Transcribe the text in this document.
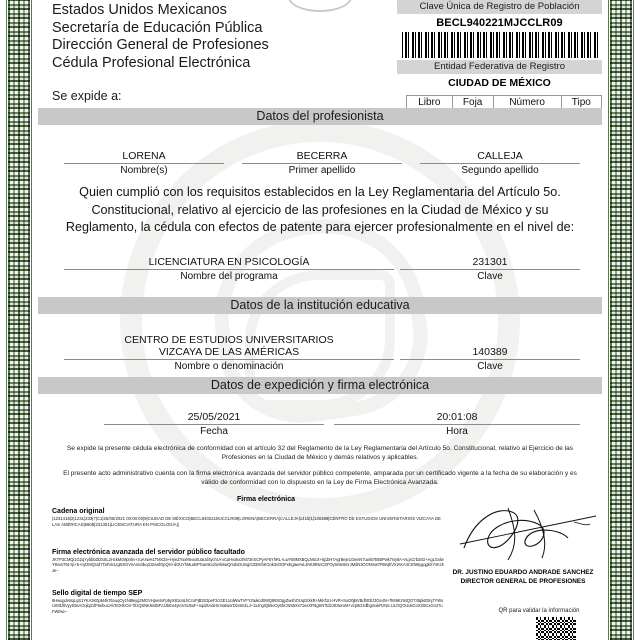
Estados Unidos Mexicanos
Secretaría de Educación Pública
Dirección General de Profesiones
Cédula Profesional Electrónica
Clave Única de Registro de Población
BECL940221MJCCLR09
Entidad Federativa de Registro
CIUDAD DE MÉXICO
Libro	Foja	Número	Tipo

Se expide a:
Datos del profesionista
LORENA
Nombre(s)
BECERRA
Primer apellido
CALLEJA
Segundo apellido
Quien cumplió con los requisitos establecidos en la Ley Reglamentaria del Artículo 5o. Constitucional, relativo al ejercicio de las profesiones en la Ciudad de México y su Reglamento, la cédula con efectos de patente para ejercer profesionalmente en el nivel de:
LICENCIATURA EN PSICOLOGÍA
Nombre del programa
231301
Clave
Datos de la institución educativa
CENTRO DE ESTUDIOS UNIVERSITARIOS
VIZCAYA DE LAS AMÉRICAS
Nombre o denominación
140389
Clave
Datos de expedición y firma electrónica
25/05/2021
Fecha
20:01:08
Hora
Se expide la presente cédula electrónica de conformidad con el artículo 32 del Reglamento de la Ley Reglamentaria del Artículo 5o. Constitucional, relativo al Ejercicio de las Profesiones en la Ciudad de México y demás relativos y aplicables.
El presente acto administrativo cuenta con la firma electrónica avanzada del servidor público competente, amparada por un certificado vigente a la fecha de su elaboración y es válido de conformidad con lo dispuesto en la Ley de Firma Electrónica Avanzada.
Firma electrónica
Cadena original
|1231418|2|1231|233|7|C1|25/05/2021 00:00:00|9|CIUDAD DE MÉXICO|BECL940221MJCCLR09|LORENA|BECERRA|CALLEJA|1415|1|140389|CENTRO DE ESTUDIOS UNIVERSITARIOS VIZCAYA DE LAS AMÉRICAS|6609|231301|LICENCIATURA EN PSICOLOGÍA||
Firma electrónica avanzada del servidor público facultado
JKTP3CMQi1G2qYybbbDlZsSL2HckMcMpnhv+zuA4wH1TMXZe+HyeZYoxMexx0UaUd4ychU+xCaHvokxzfM73nSCPyAF5YhRL+LwYtI8MXBQLN6cX+6j1bH7AgrBeje1OeeiN7uwi57B5IIPwk7niy8A+nLjsCrb2nD+AgLGslwY8vxsT91Yp+5+cyDMQ1Id7TaFxlcLIgNSGVnAmdJkq3J2vwfOpQH+dOUYhMudnPGan9cUbiAk5wQmdvDUIvgrCEBVbKGnk3vOOFxEgawAvLEWJ8NnCSFOySMe0mrJMdN3OONmw7RWqhVXIAKA4CKNBygqgkXYsKzkJe--
Sello digital de tiempo SEP
6HwogdA8qLqS1YKA3K0pM4k76nuqOy1NI8eyg2MGVHpw4vFp5yX81raILhCcxPjB3S3peF2cGE1UoiWwTVFYztwkcd0WQ99zt0gyZw4hOUqGiXkR+MiKf1U-HVR+SuO0jBVBdh03lJ3Ge4N+7lI69Kz94QGT45pkE0nj7YWoUrM1f0VyyS5sAOqlq31fF6ebuUAVSOHbO4-7lIzQSNK9ird5FzJJbEo4ytoV4U5uF+nqdJtAdeXnVatworD2vIm4LJ+1xJngIQk6oOy6hCWs5Xs71exXFNgSN7ld2JS3wruM+vzp6OzdlbgmxkRzNS.ULOQOUukGoXX5tcxGn27uFW0se--
DR. JUSTINO EDUARDO ANDRADE SANCHEZ
DIRECTOR GENERAL DE PROFESIONES
QR para validar la información
